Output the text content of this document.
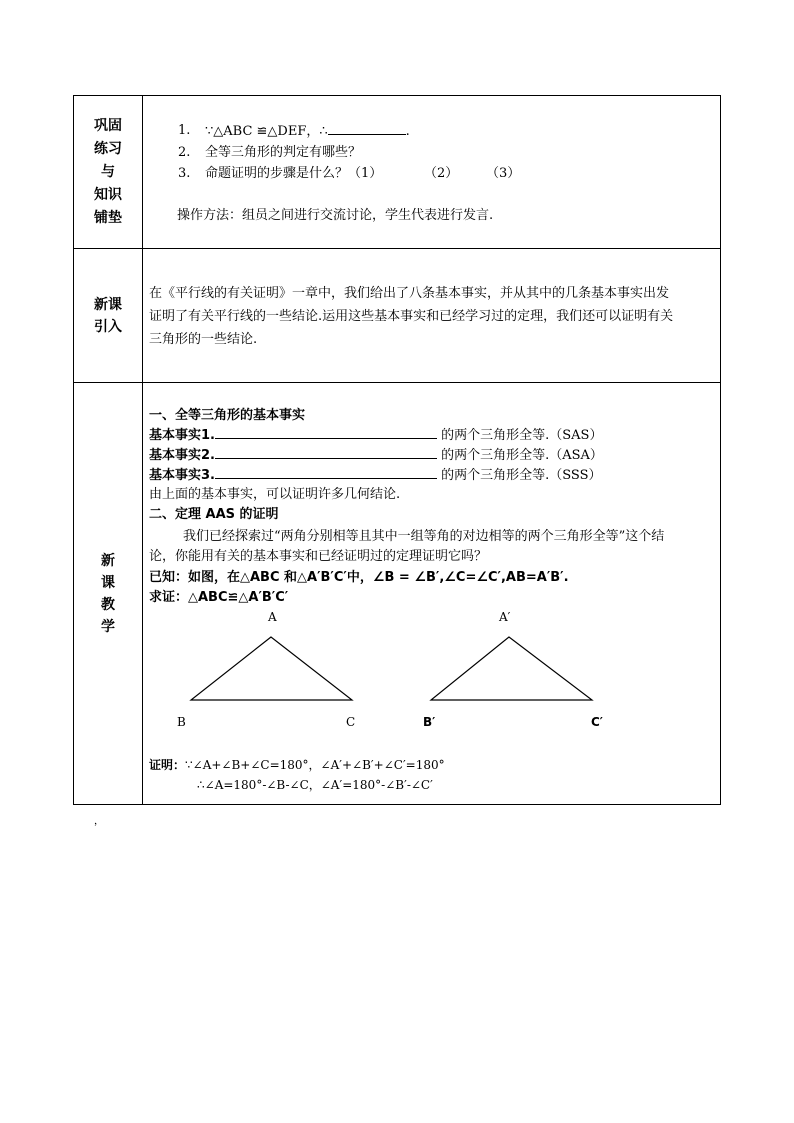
巩固
练习
与
知识
铺垫
1. ∵△ABC ≌△DEF，∴	.
2. 全等三角形的判定有哪些？
3. 命题证明的步骤是什么？（1）	（2） （3）
操作方法：组员之间进行交流讨论，学生代表进行发言.
新课
引入
在《平行线的有关证明》一章中，我们给出了八条基本事实，并从其中的几条基本事实出发
证明了有关平行线的一些结论.运用这些基本事实和已经学习过的定理，我们还可以证明有关
三角形的一些结论.
新
课
教
学
一、全等三角形的基本事实
基本事实1.	的两个三角形全等.（SAS）
基本事实2.	的两个三角形全等.（ASA）
基本事实3.	的两个三角形全等.（SSS）
由上面的基本事实，可以证明许多几何结论.
二、定理 AAS 的证明
我们已经探索过“两角分别相等且其中一组等角的对边相等的两个三角形全等”这个结
论，你能用有关的基本事实和已经证明过的定理证明它吗？
已知：如图，在△ABC 和△A′B′C′中，∠B = ∠B′,∠C=∠C′,AB=A′B′.
求证：△ABC≌△A′B′C′
A
B	C
A′
B′	C′
证明：∵∠A+∠B+∠C=180°，∠A′+∠B′+∠C′=180°
∴∠A=180°-∠B-∠C，∠A′=180°-∠B′-∠C′
，
